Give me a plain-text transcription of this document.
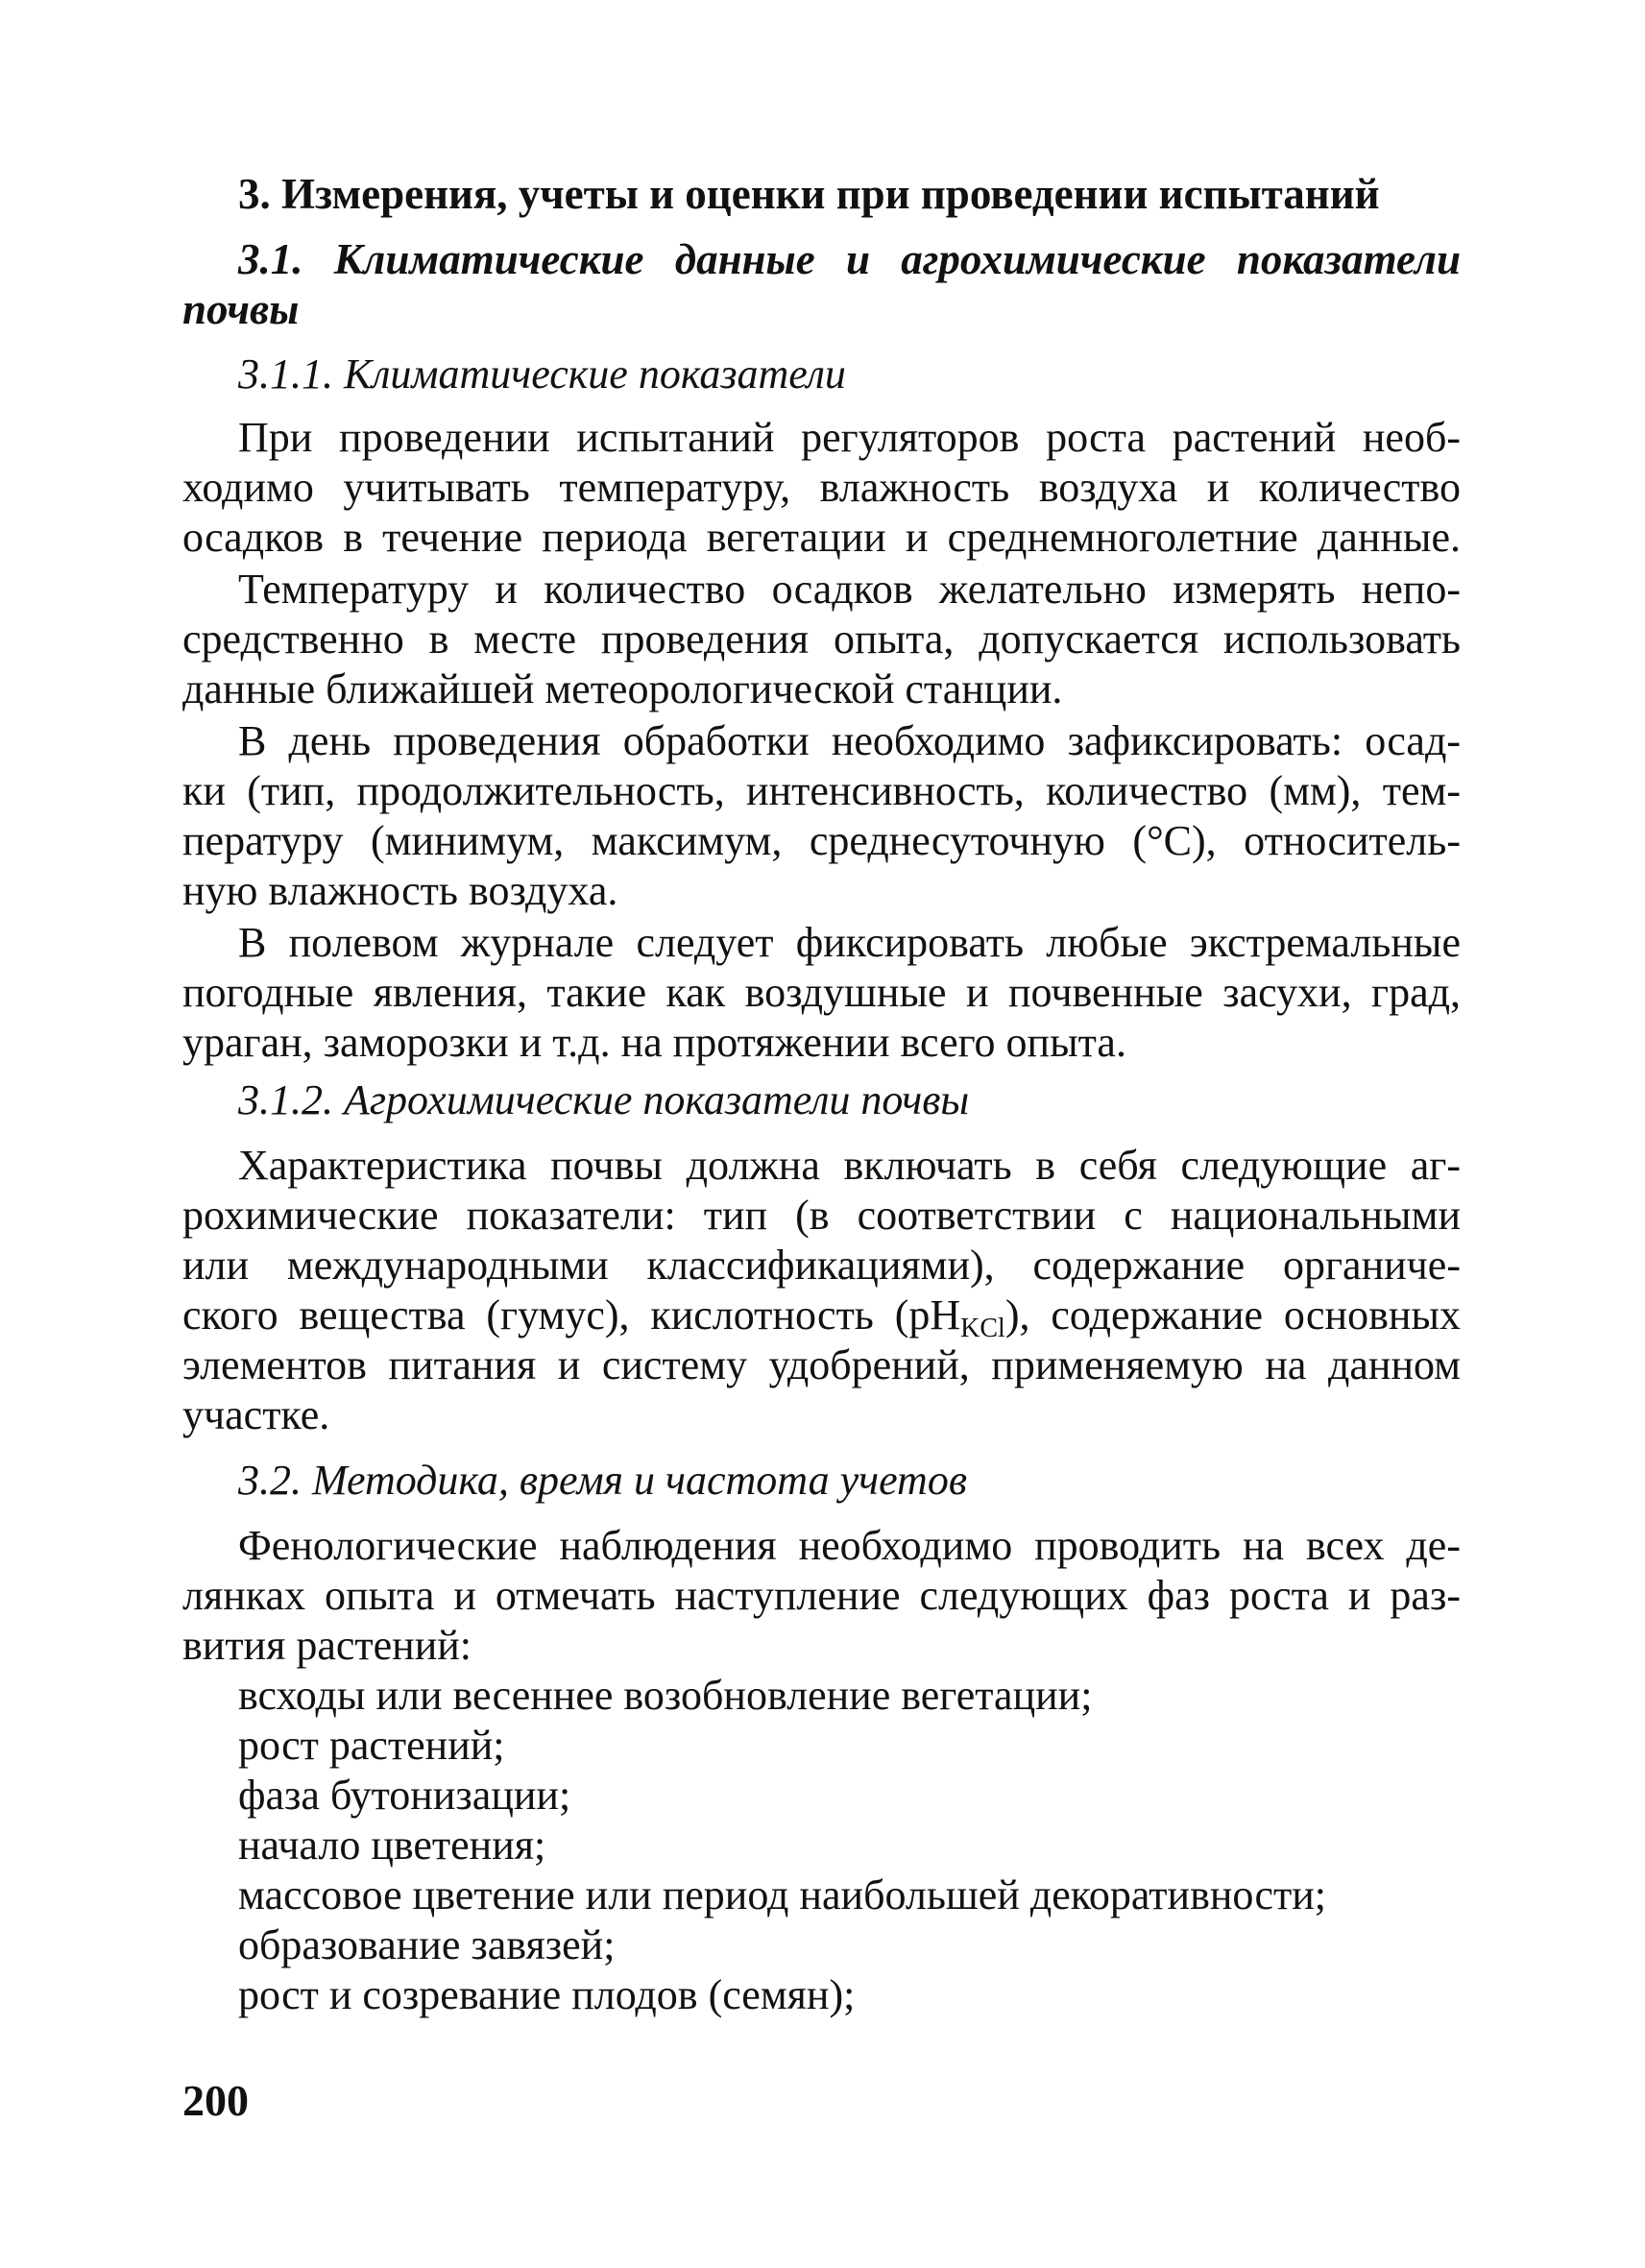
3. Измерения, учеты и оценки при проведении испытаний
3.1. Климатические данные и агрохимические показатели
почвы
3.1.1. Климатические показатели
При проведении испытаний регуляторов роста растений необ-
ходимо учитывать температуру, влажность воздуха и количество
осадков в течение периода вегетации и среднемноголетние данные.
Температуру и количество осадков желательно измерять непо-
средственно в месте проведения опыта, допускается использовать
данные ближайшей метеорологической станции.
В день проведения обработки необходимо зафиксировать: осад-
ки (тип, продолжительность, интенсивность, количество (мм), тем-
пературу (минимум, максимум, среднесуточную (°С), относитель-
ную влажность воздуха.
В полевом журнале следует фиксировать любые экстремальные
погодные явления, такие как воздушные и почвенные засухи, град,
ураган, заморозки и т.д. на протяжении всего опыта.
3.1.2. Агрохимические показатели почвы
Характеристика почвы должна включать в себя следующие аг-
рохимические показатели: тип (в соответствии с национальными
или международными классификациями), содержание органиче-
ского вещества (гумус), кислотность $(pH_{KCl})$, содержание основных
элементов питания и систему удобрений, применяемую на данном
участке.
3.2. Методика, время и частота учетов
Фенологические наблюдения необходимо проводить на всех де-
лянках опыта и отмечать наступление следующих фаз роста и раз-
вития растений:
всходы или весеннее возобновление вегетации;
рост растений;
фаза бутонизации;
начало цветения;
массовое цветение или период наибольшей декоративности;
образование завязей;
рост и созревание плодов (семян);
200
